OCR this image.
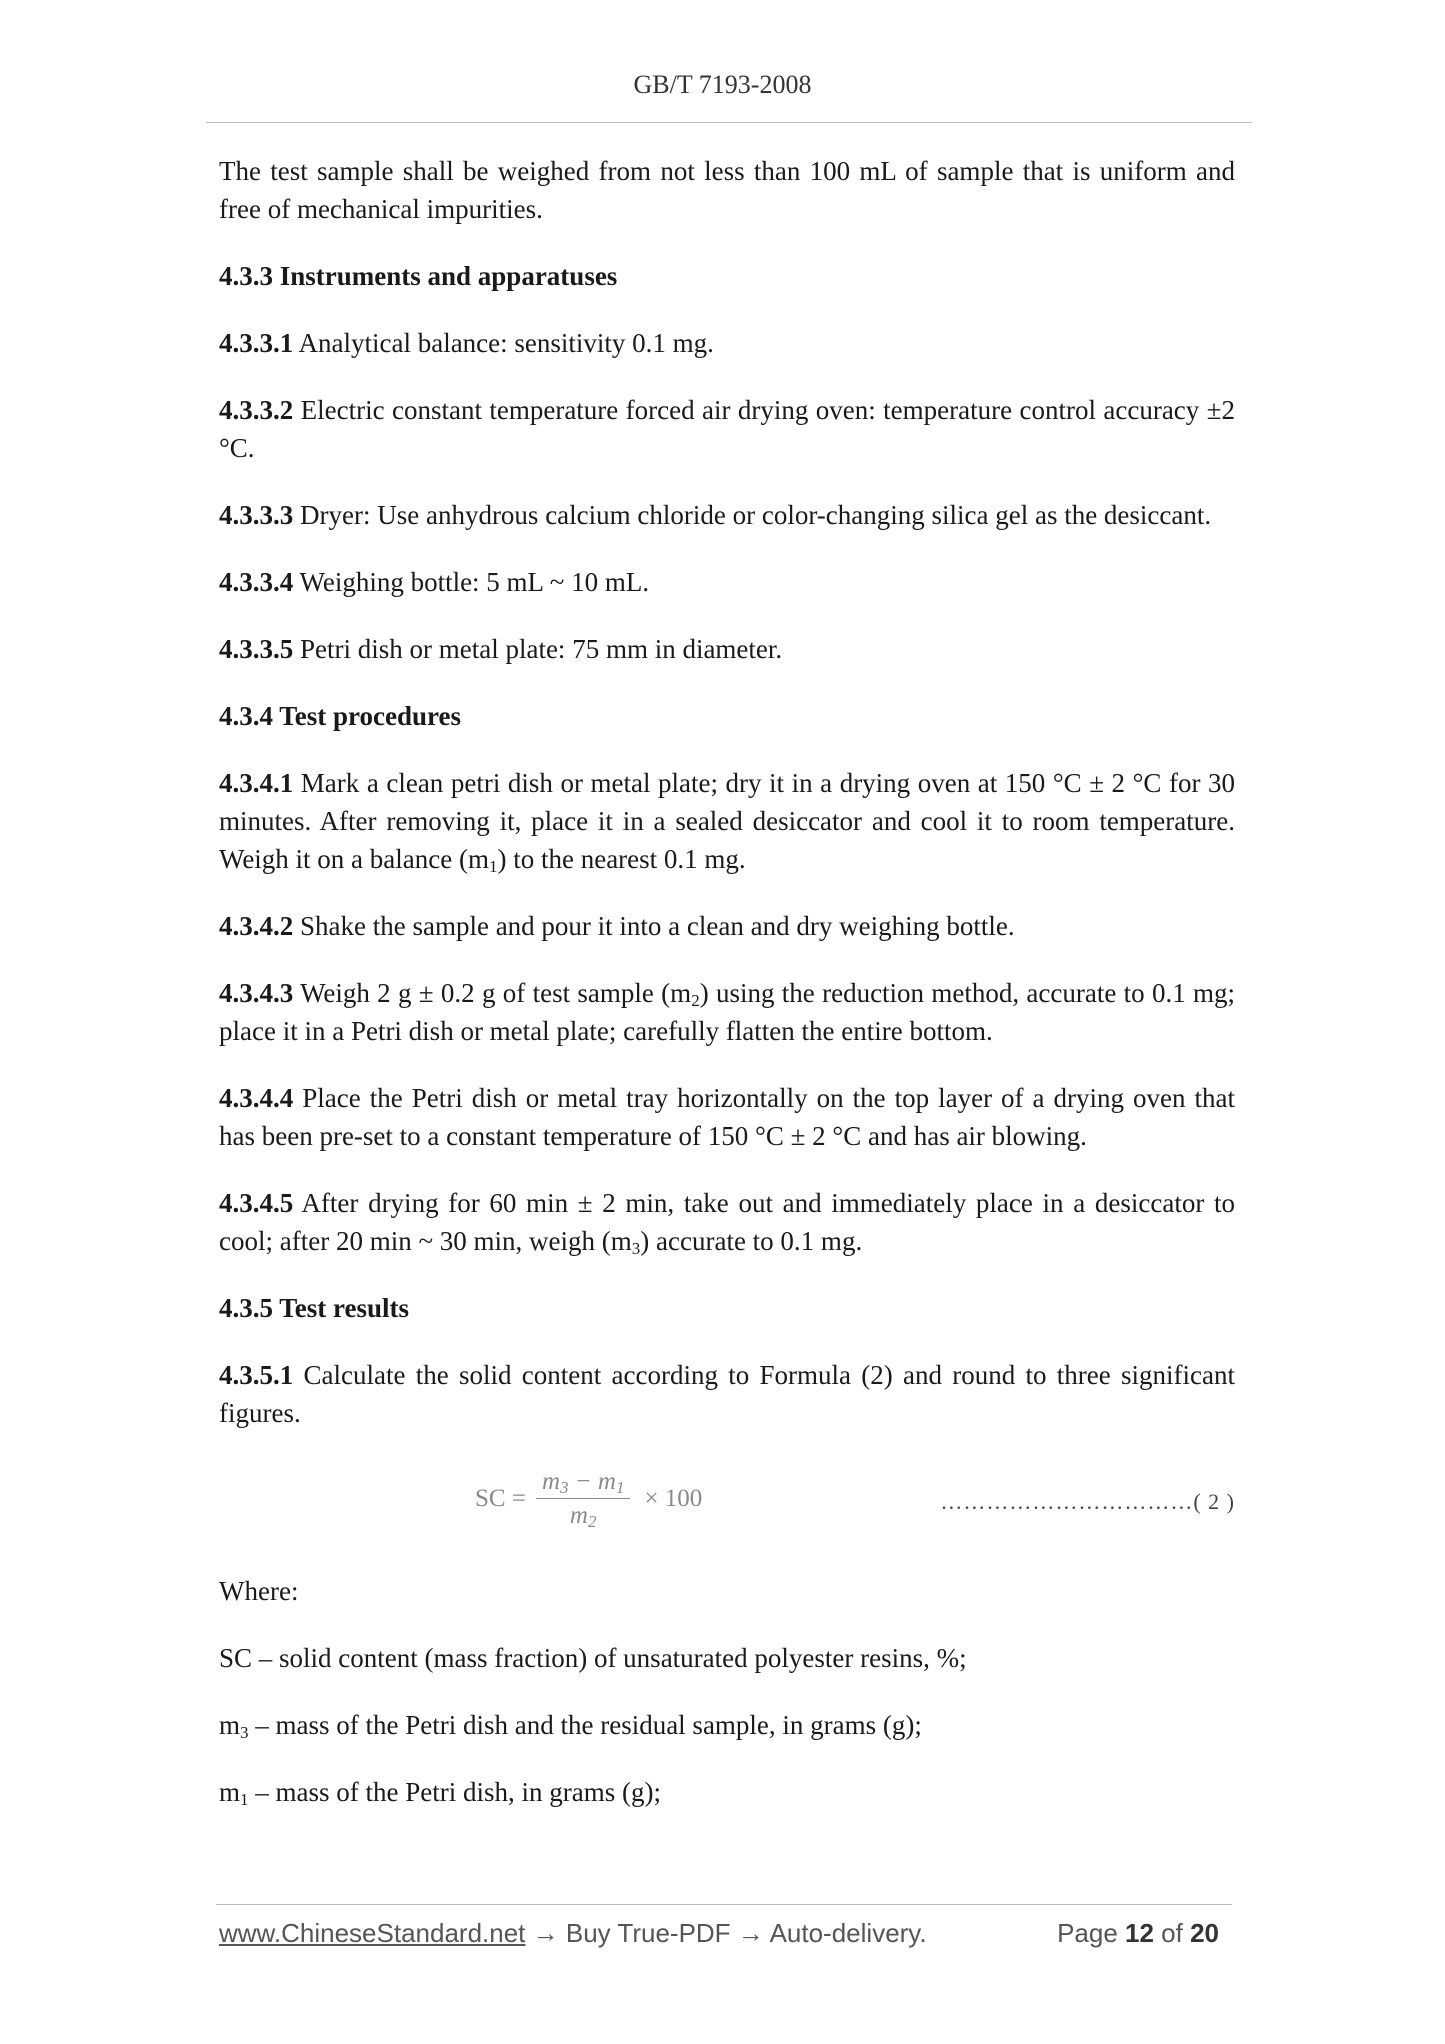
GB/T 7193-2008

The test sample shall be weighed from not less than 100 mL of sample that is uniform and free of mechanical impurities.

4.3.3 Instruments and apparatuses

4.3.3.1 Analytical balance: sensitivity 0.1 mg.

4.3.3.2 Electric constant temperature forced air drying oven: temperature control accuracy ±2 °C.

4.3.3.3 Dryer: Use anhydrous calcium chloride or color-changing silica gel as the desiccant.

4.3.3.4 Weighing bottle: 5 mL ~ 10 mL.

4.3.3.5 Petri dish or metal plate: 75 mm in diameter.

4.3.4 Test procedures

4.3.4.1 Mark a clean petri dish or metal plate; dry it in a drying oven at 150 °C ± 2 °C for 30 minutes. After removing it, place it in a sealed desiccator and cool it to room temperature. Weigh it on a balance $(m_1)$ to the nearest 0.1 mg.

4.3.4.2 Shake the sample and pour it into a clean and dry weighing bottle.

4.3.4.3 Weigh 2 g ± 0.2 g of test sample $(m_2)$ using the reduction method, accurate to 0.1 mg; place it in a Petri dish or metal plate; carefully flatten the entire bottom.

4.3.4.4 Place the Petri dish or metal tray horizontally on the top layer of a drying oven that has been pre-set to a constant temperature of 150 °C ± 2 °C and has air blowing.

4.3.4.5 After drying for 60 min ± 2 min, take out and immediately place in a desiccator to cool; after 20 min ~ 30 min, weigh $(m_3)$ accurate to 0.1 mg.

4.3.5 Test results

4.3.5.1 Calculate the solid content according to Formula (2) and round to three significant figures.

SC = $\frac{m_3 - m_1}{m_2} \times 100$	……………………………( 2 )

Where:

SC – solid content (mass fraction) of unsaturated polyester resins, %;

$m_3$ – mass of the Petri dish and the residual sample, in grams (g);

$m_1$ – mass of the Petri dish, in grams (g);

www.ChineseStandard.net → Buy True-PDF → Auto-delivery.	Page 12 of 20
